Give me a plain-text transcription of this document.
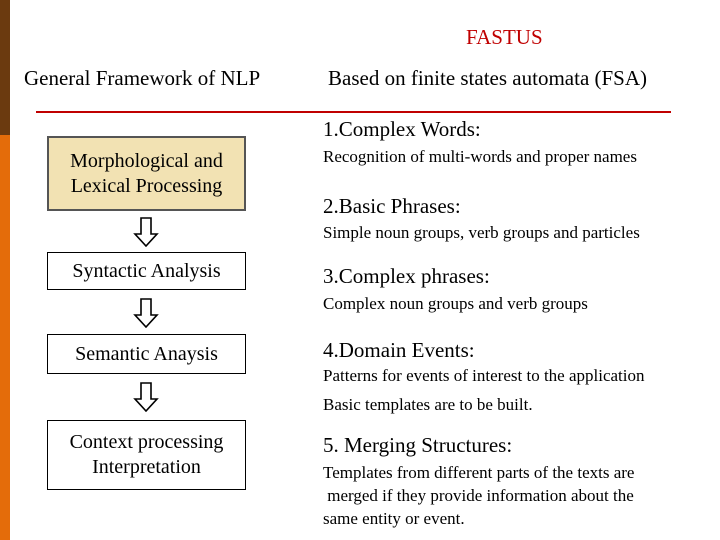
FASTUS
General Framework of NLP	Based on finite states automata (FSA)
Morphological and
Lexical Processing
Syntactic Analysis
Semantic Anaysis
Context processing
Interpretation
1.Complex Words:
Recognition of multi-words and proper names
2.Basic Phrases:
Simple noun groups, verb groups and particles
3.Complex phrases:
Complex noun groups and verb groups
4.Domain Events:
Patterns for events of interest to the application
Basic templates are to be built.
5. Merging Structures:
Templates from different parts of the texts are
merged if they provide information about the
same entity or event.
